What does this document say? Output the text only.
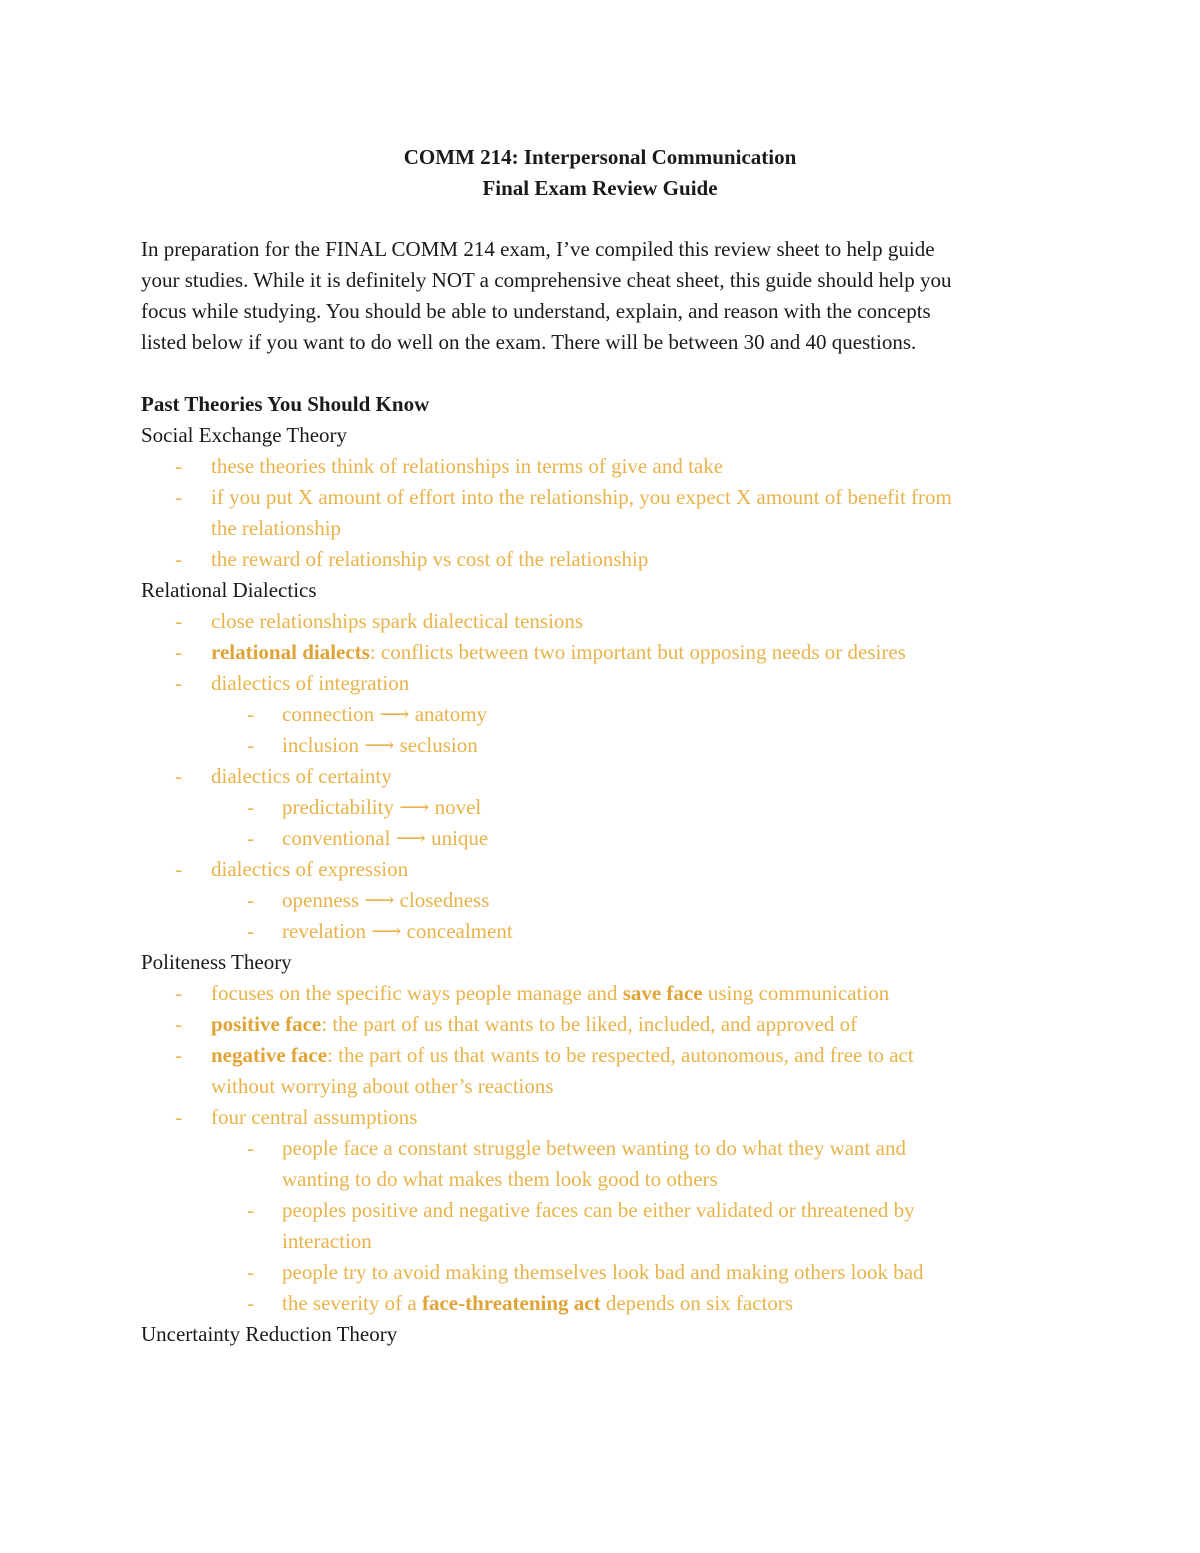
COMM 214: Interpersonal Communication
Final Exam Review Guide
In preparation for the FINAL COMM 214 exam, I’ve compiled this review sheet to help guide
your studies. While it is definitely NOT a comprehensive cheat sheet, this guide should help you
focus while studying. You should be able to understand, explain, and reason with the concepts
listed below if you want to do well on the exam. There will be between 30 and 40 questions.
Past Theories You Should Know
Social Exchange Theory
- these theories think of relationships in terms of give and take
- if you put X amount of effort into the relationship, you expect X amount of benefit from
the relationship
- the reward of relationship vs cost of the relationship
Relational Dialectics
- close relationships spark dialectical tensions
- relational dialects: conflicts between two important but opposing needs or desires
- dialectics of integration
- connection ⟶ anatomy
- inclusion ⟶ seclusion
- dialectics of certainty
- predictability ⟶ novel
- conventional ⟶ unique
- dialectics of expression
- openness ⟶ closedness
- revelation ⟶ concealment
Politeness Theory
- focuses on the specific ways people manage and save face using communication
- positive face: the part of us that wants to be liked, included, and approved of
- negative face: the part of us that wants to be respected, autonomous, and free to act
without worrying about other’s reactions
- four central assumptions
- people face a constant struggle between wanting to do what they want and
wanting to do what makes them look good to others
- peoples positive and negative faces can be either validated or threatened by
interaction
- people try to avoid making themselves look bad and making others look bad
- the severity of a face-threatening act depends on six factors
Uncertainty Reduction Theory
